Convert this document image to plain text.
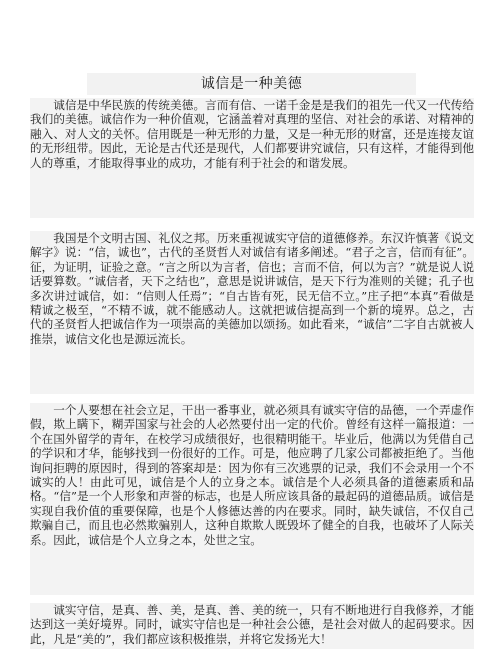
诚信是一种美德

诚信是中华民族的传统美德。言而有信、一诺千金是是我们的祖先一代又一代传给我们的美德。诚信作为一种价值观，它涵盖着对真理的坚信、对社会的承诺、对精神的融入、对人文的关怀。信用既是一种无形的力量，又是一种无形的财富，还是连接友谊的无形纽带。因此，无论是古代还是现代，人们都要讲究诚信，只有这样，才能得到他人的尊重，才能取得事业的成功，才能有利于社会的和谐发展。

我国是个文明古国、礼仪之邦。历来重视诚实守信的道德修养。东汉许慎著《说文解字》说：“信，诚也”，古代的圣贤哲人对诚信有诸多阐述。“君子之言，信而有征”。征，为证明，证验之意。“言之所以为言者，信也；言而不信，何以为言？”就是说人说话要算数。“诚信者，天下之结也”，意思是说讲诚信，是天下行为准则的关键；孔子也多次讲过诚信，如：“信则人任焉”；“自古皆有死，民无信不立。”庄子把“本真”看做是精诚之极至，“不精不诚，就不能感动人。这就把诚信提高到一个新的境界。总之，古代的圣贤哲人把诚信作为一项崇高的美德加以颂扬。如此看来，“诚信”二字自古就被人推崇，诚信文化也是源远流长。

一个人要想在社会立足，干出一番事业，就必须具有诚实守信的品德，一个弄虚作假，欺上瞒下，糊弄国家与社会的人必然要付出一定的代价。曾经有这样一篇报道：一个在国外留学的青年，在校学习成绩很好，也很精明能干。毕业后，他满以为凭借自己的学识和才华，能够找到一份很好的工作。可是，他应聘了几家公司都被拒绝了。当他询问拒聘的原因时，得到的答案却是：因为你有三次逃票的记录，我们不会录用一个不诚实的人！由此可见，诚信是个人的立身之本。诚信是个人必须具备的道德素质和品格。“信”是一个人形象和声誉的标志，也是人所应该具备的最起码的道德品质。诚信是实现自我价值的重要保障，也是个人修德达善的内在要求。同时，缺失诚信，不仅自己欺骗自己，而且也必然欺骗别人，这种自欺欺人既毁坏了健全的自我，也破坏了人际关系。因此，诚信是个人立身之本，处世之宝。

诚实守信，是真、善、美，是真、善、美的统一，只有不断地进行自我修养，才能达到这一美好境界。同时，诚实守信也是一种社会公德，是社会对做人的起码要求。因此，凡是“美的”，我们都应该积极推崇，并将它发扬光大！
